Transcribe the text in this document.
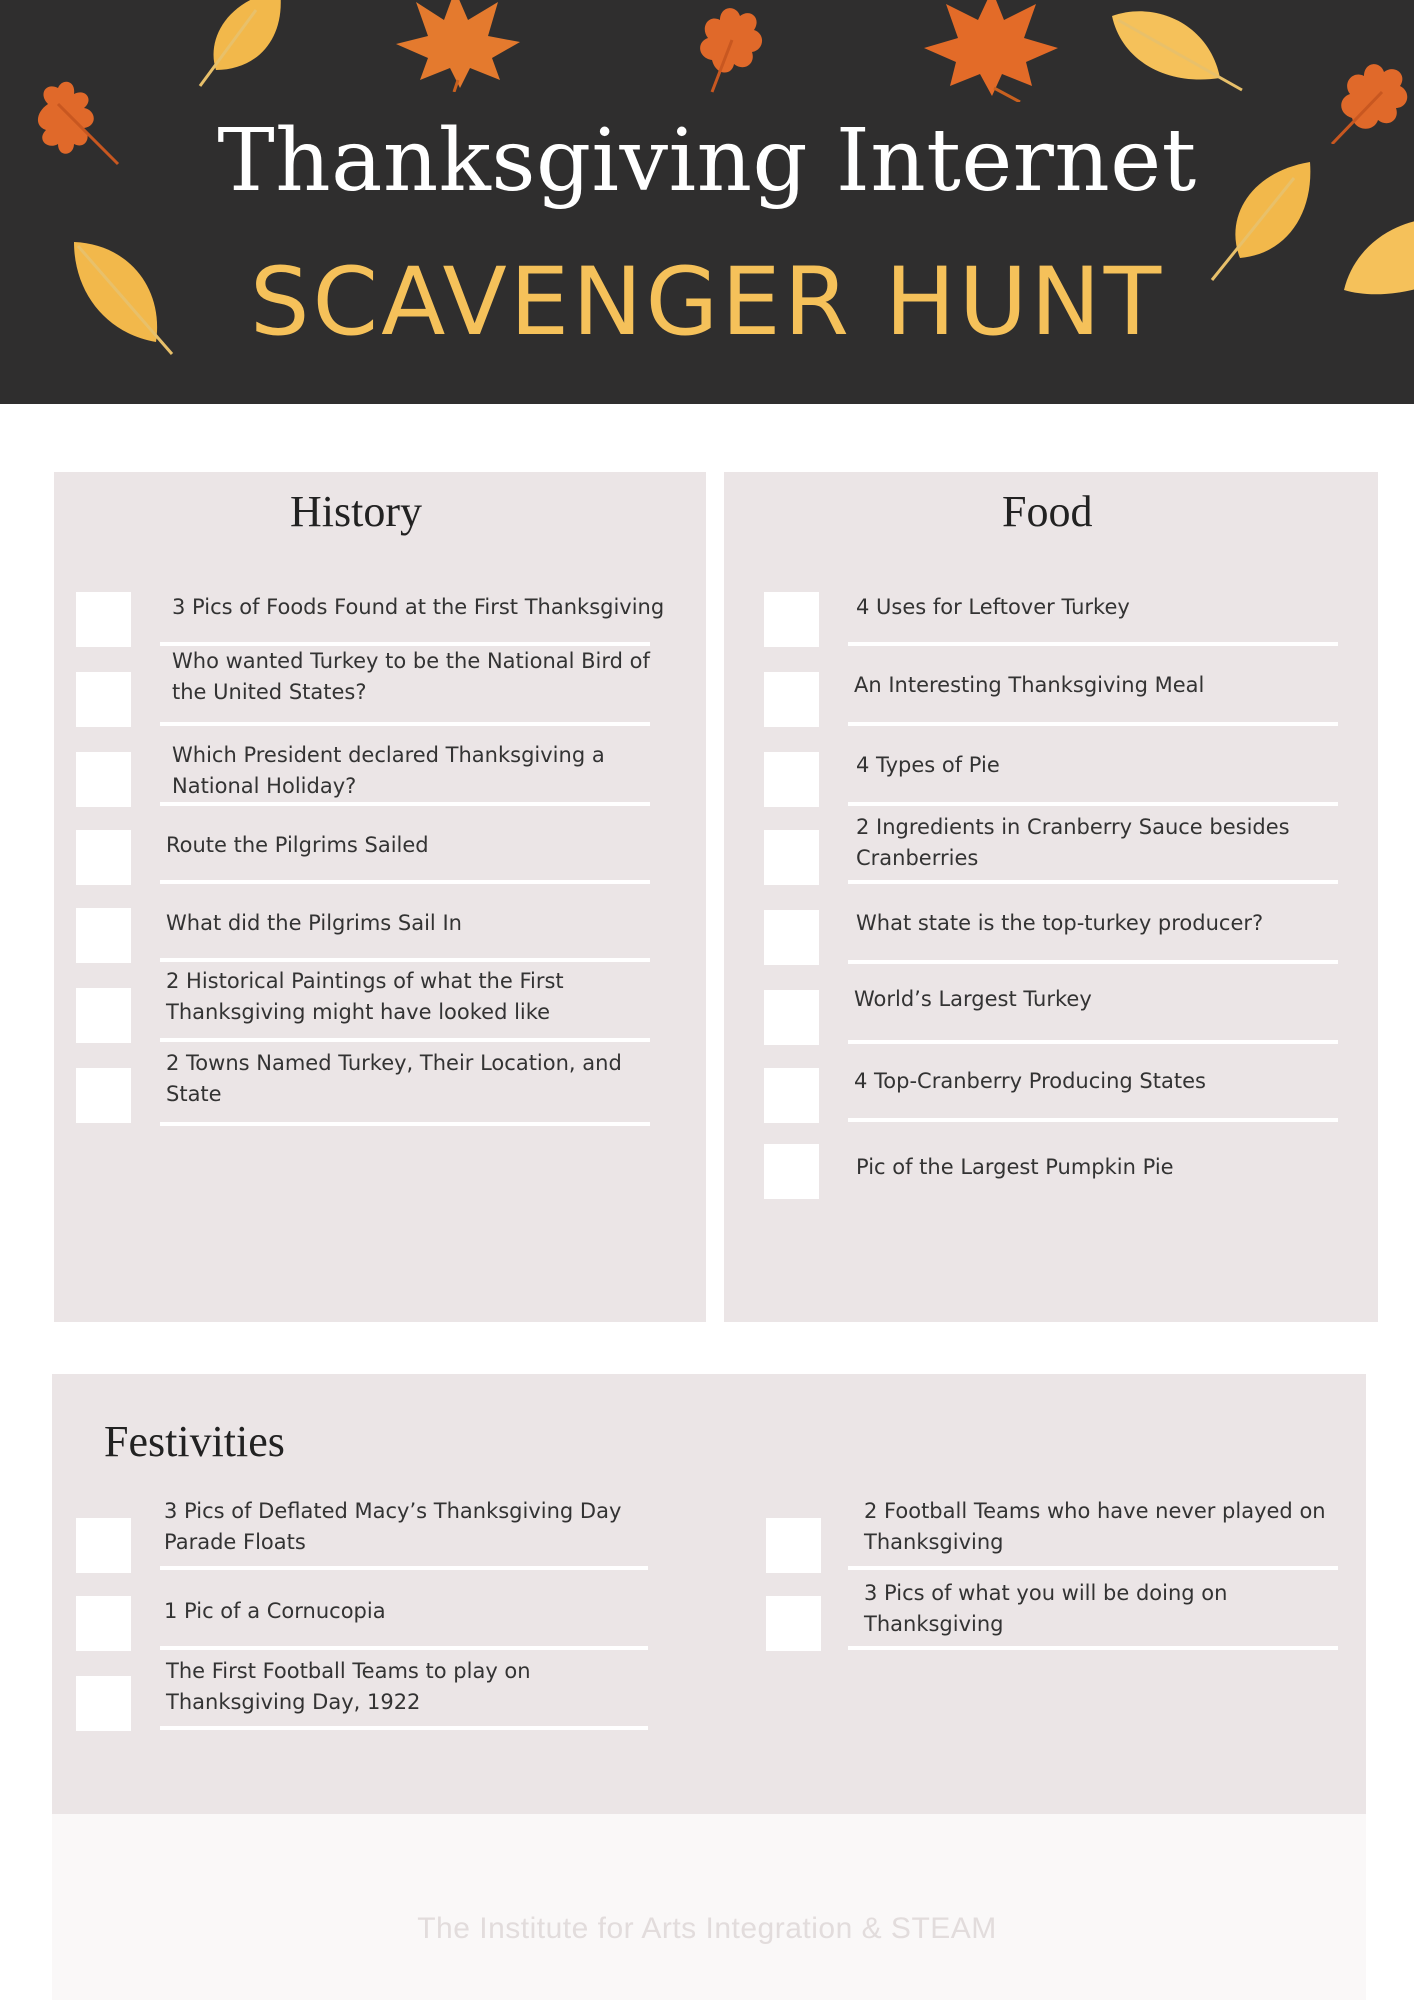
Thanksgiving Internet
SCAVENGER HUNT
History
3 Pics of Foods Found at the First Thanksgiving
Who wanted Turkey to be the National Bird of the United States?
Which President declared Thanksgiving a National Holiday?
Route the Pilgrims Sailed
What did the Pilgrims Sail In
2 Historical Paintings of what the First Thanksgiving might have looked like
2 Towns Named Turkey, Their Location, and State
Food
4 Uses for Leftover Turkey
An Interesting Thanksgiving Meal
4 Types of Pie
2 Ingredients in Cranberry Sauce besides Cranberries
What state is the top-turkey producer?
World’s Largest Turkey
4 Top-Cranberry Producing States
Pic of the Largest Pumpkin Pie
Festivities
3 Pics of Deflated Macy’s Thanksgiving Day Parade Floats
1 Pic of a Cornucopia
The First Football Teams to play on Thanksgiving Day, 1922
2 Football Teams who have never played on Thanksgiving
3 Pics of what you will be doing on Thanksgiving
The Institute for Arts Integration & STEAM
